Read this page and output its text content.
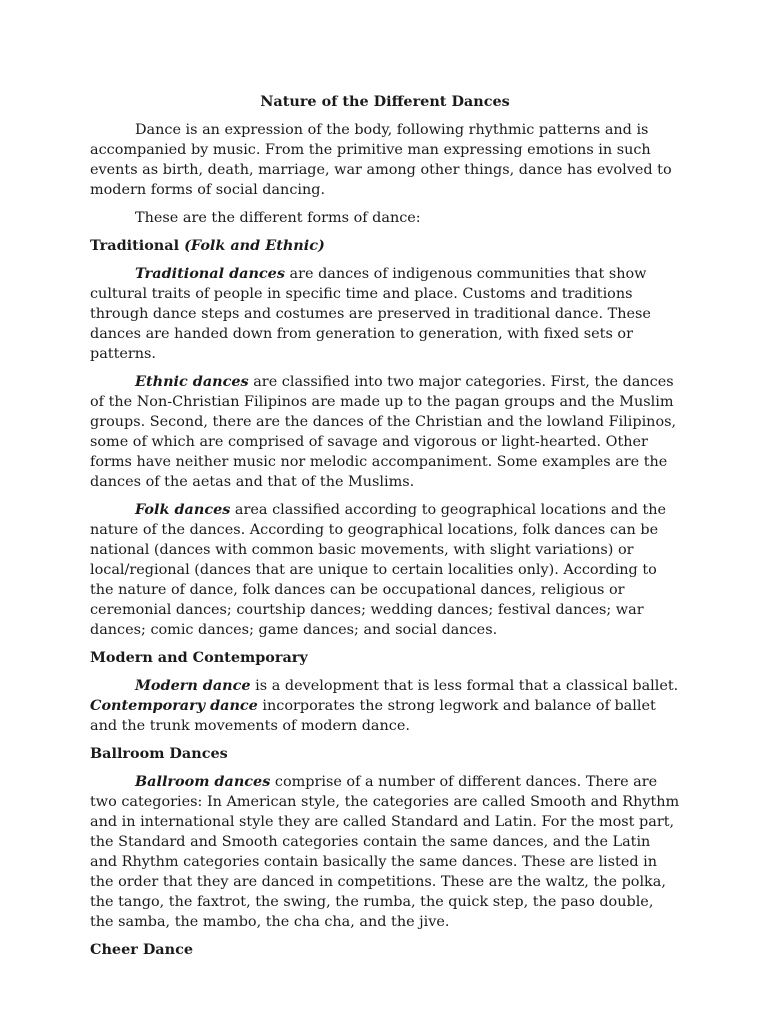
Nature of the Different Dances

Dance is an expression of the body, following rhythmic patterns and is accompanied by music. From the primitive man expressing emotions in such events as birth, death, marriage, war among other things, dance has evolved to modern forms of social dancing.

These are the different forms of dance:

Traditional (Folk and Ethnic)

Traditional dances are dances of indigenous communities that show cultural traits of people in specific time and place. Customs and traditions through dance steps and costumes are preserved in traditional dance. These dances are handed down from generation to generation, with fixed sets or patterns.

Ethnic dances are classified into two major categories. First, the dances of the Non-Christian Filipinos are made up to the pagan groups and the Muslim groups. Second, there are the dances of the Christian and the lowland Filipinos, some of which are comprised of savage and vigorous or light-hearted. Other forms have neither music nor melodic accompaniment. Some examples are the dances of the aetas and that of the Muslims.

Folk dances area classified according to geographical locations and the nature of the dances. According to geographical locations, folk dances can be national (dances with common basic movements, with slight variations) or local/regional (dances that are unique to certain localities only). According to the nature of dance, folk dances can be occupational dances, religious or ceremonial dances; courtship dances; wedding dances; festival dances; war dances; comic dances; game dances; and social dances.

Modern and Contemporary

Modern dance is a development that is less formal that a classical ballet. Contemporary dance incorporates the strong legwork and balance of ballet and the trunk movements of modern dance.

Ballroom Dances

Ballroom dances comprise of a number of different dances. There are two categories: In American style, the categories are called Smooth and Rhythm and in international style they are called Standard and Latin. For the most part, the Standard and Smooth categories contain the same dances, and the Latin and Rhythm categories contain basically the same dances. These are listed in the order that they are danced in competitions. These are the waltz, the polka, the tango, the faxtrot, the swing, the rumba, the quick step, the paso double, the samba, the mambo, the cha cha, and the jive.

Cheer Dance
